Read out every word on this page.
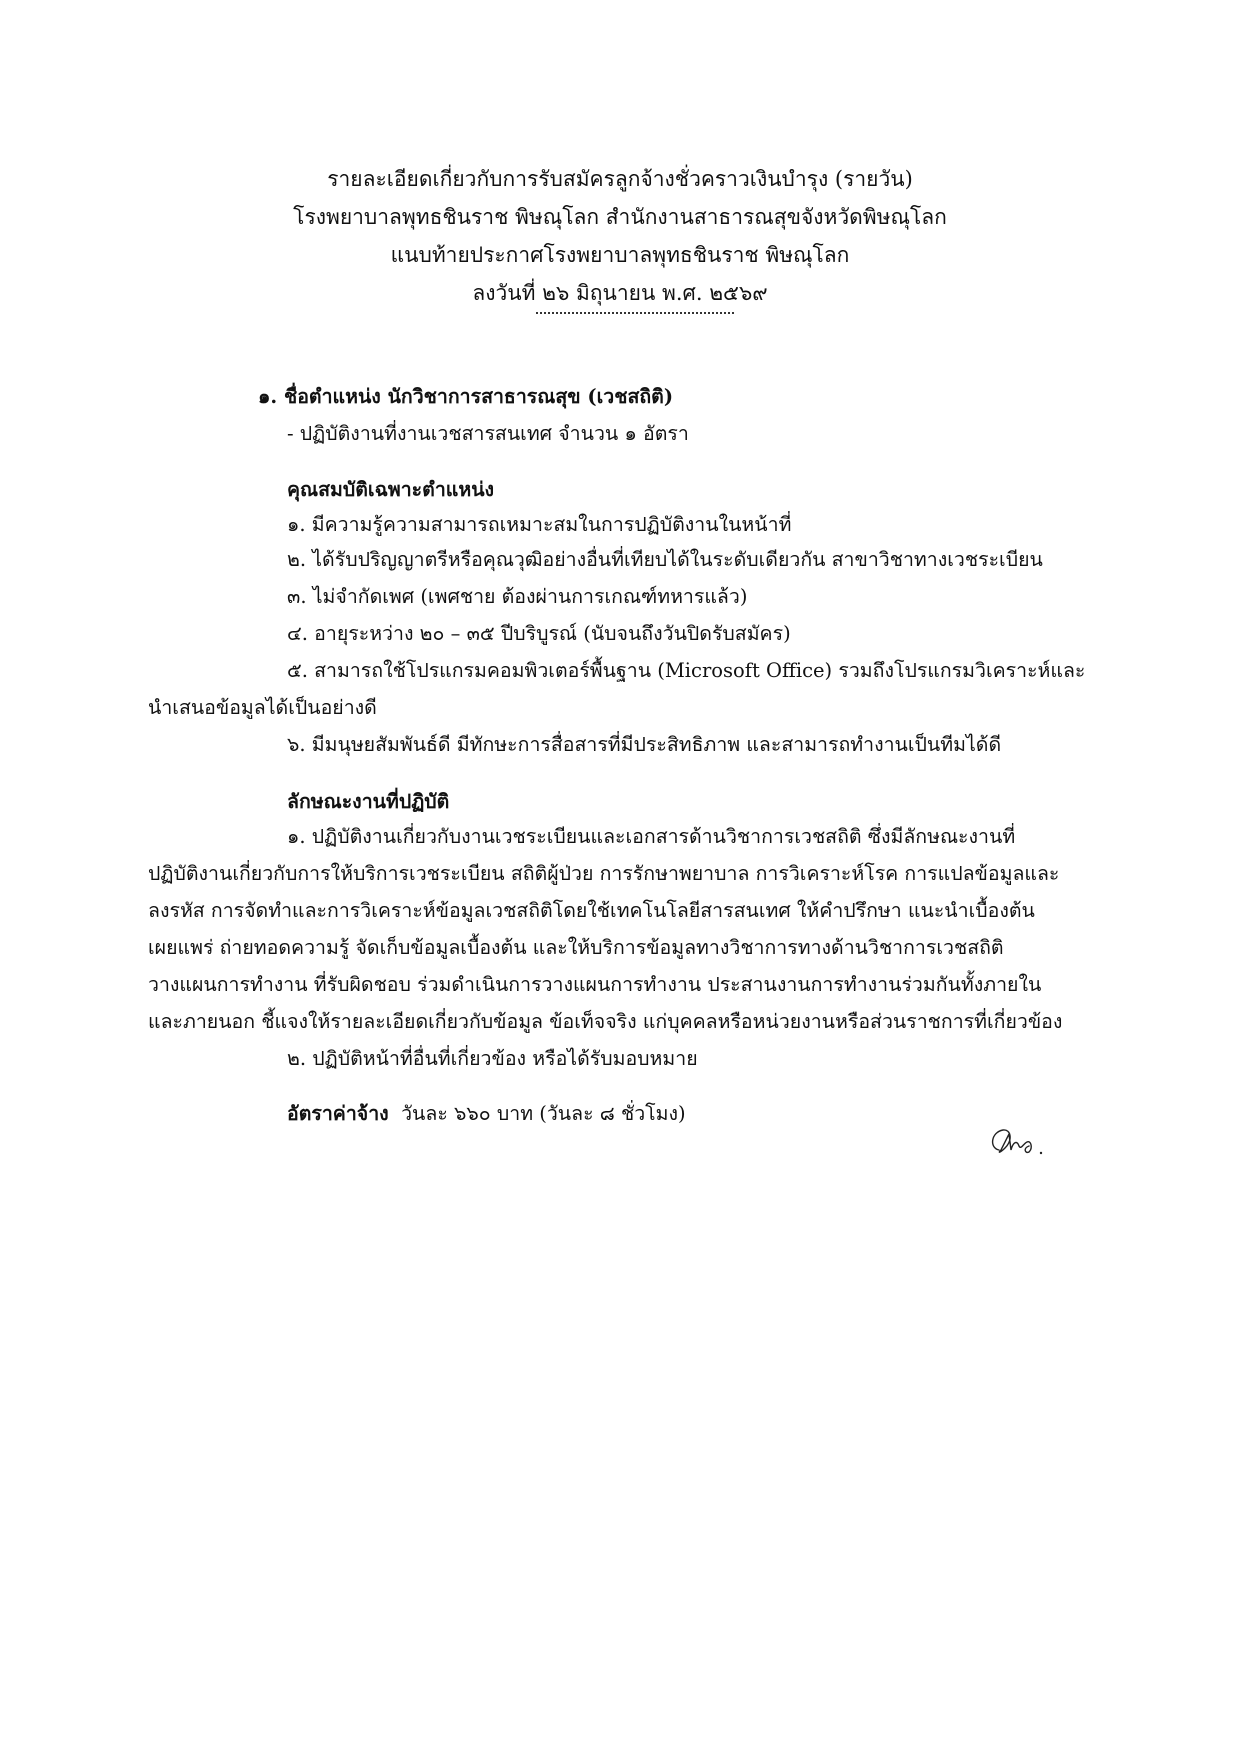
รายละเอียดเกี่ยวกับการรับสมัครลูกจ้างชั่วคราวเงินบำรุง (รายวัน)
โรงพยาบาลพุทธชินราช พิษณุโลก สำนักงานสาธารณสุขจังหวัดพิษณุโลก
แนบท้ายประกาศโรงพยาบาลพุทธชินราช พิษณุโลก
ลงวันที่ ๒๖ มิถุนายน พ.ศ. ๒๕๖๙
๑. ชื่อตำแหน่ง นักวิชาการสาธารณสุข (เวชสถิติ)
- ปฏิบัติงานที่งานเวชสารสนเทศ จำนวน ๑ อัตรา
คุณสมบัติเฉพาะตำแหน่ง
๑. มีความรู้ความสามารถเหมาะสมในการปฏิบัติงานในหน้าที่
๒. ได้รับปริญญาตรีหรือคุณวุฒิอย่างอื่นที่เทียบได้ในระดับเดียวกัน สาขาวิชาทางเวชระเบียน
๓. ไม่จำกัดเพศ (เพศชาย ต้องผ่านการเกณฑ์ทหารแล้ว)
๔. อายุระหว่าง ๒๐ – ๓๕ ปีบริบูรณ์ (นับจนถึงวันปิดรับสมัคร)
๕. สามารถใช้โปรแกรมคอมพิวเตอร์พื้นฐาน (Microsoft Office) รวมถึงโปรแกรมวิเคราะห์และ
นำเสนอข้อมูลได้เป็นอย่างดี
๖. มีมนุษยสัมพันธ์ดี มีทักษะการสื่อสารที่มีประสิทธิภาพ และสามารถทำงานเป็นทีมได้ดี
ลักษณะงานที่ปฏิบัติ
๑. ปฏิบัติงานเกี่ยวกับงานเวชระเบียนและเอกสารด้านวิชาการเวชสถิติ ซึ่งมีลักษณะงานที่
ปฏิบัติงานเกี่ยวกับการให้บริการเวชระเบียน สถิติผู้ป่วย การรักษาพยาบาล การวิเคราะห์โรค การแปลข้อมูลและ
ลงรหัส การจัดทำและการวิเคราะห์ข้อมูลเวชสถิติโดยใช้เทคโนโลยีสารสนเทศ ให้คำปรึกษา แนะนำเบื้องต้น
เผยแพร่ ถ่ายทอดความรู้ จัดเก็บข้อมูลเบื้องต้น และให้บริการข้อมูลทางวิชาการทางด้านวิชาการเวชสถิติ
วางแผนการทำงาน ที่รับผิดชอบ ร่วมดำเนินการวางแผนการทำงาน ประสานงานการทำงานร่วมกันทั้งภายใน
และภายนอก ชี้แจงให้รายละเอียดเกี่ยวกับข้อมูล ข้อเท็จจริง แก่บุคคลหรือหน่วยงานหรือส่วนราชการที่เกี่ยวข้อง
๒. ปฏิบัติหน้าที่อื่นที่เกี่ยวข้อง หรือได้รับมอบหมาย
อัตราค่าจ้าง วันละ ๖๖๐ บาท (วันละ ๘ ชั่วโมง)
